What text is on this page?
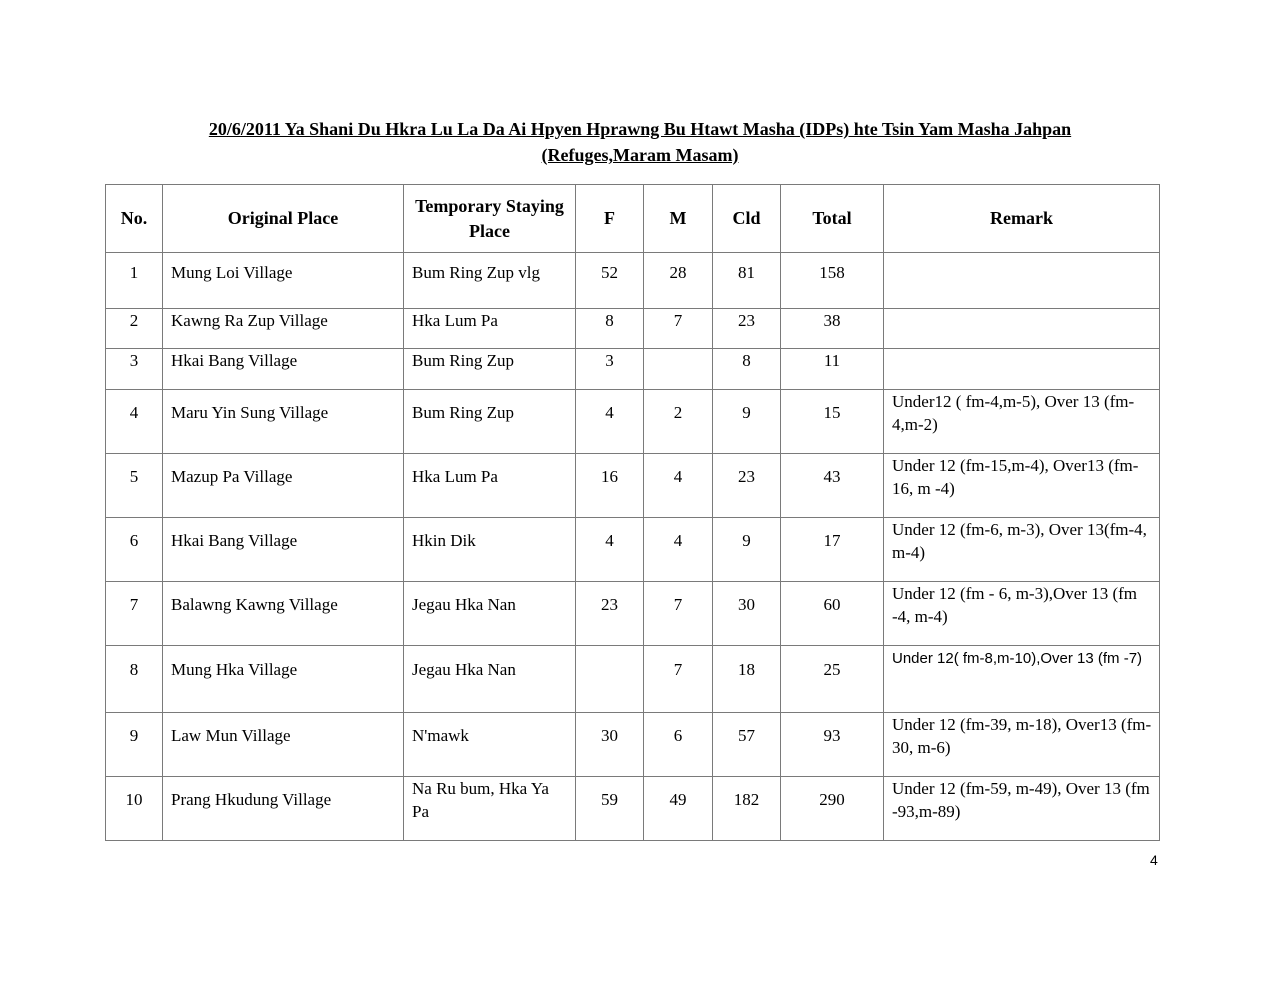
20/6/2011 Ya Shani Du Hkra Lu La Da Ai Hpyen Hprawng Bu Htawt Masha (IDPs) hte Tsin Yam Masha Jahpan (Refuges,Maram Masam)
No.	Original Place	Temporary Staying Place	F	M	Cld	Total	Remark

1	Mung Loi Village	Bum Ring Zup vlg	52	28	81	158	

2	Kawng Ra Zup Village	Hka Lum Pa	8	7	23	38	

3	Hkai Bang Village	Bum Ring Zup	3		8	11	

4	Maru Yin Sung Village	Bum Ring Zup	4	2	9	15	Under12 ( fm-4,m-5), Over 13 (fm-4,m-2)

5	Mazup Pa Village	Hka Lum Pa	16	4	23	43	Under 12 (fm-15,m-4), Over13 (fm-16, m -4)

6	Hkai Bang Village	Hkin Dik	4	4	9	17	Under 12 (fm-6, m-3), Over 13(fm-4, m-4)

7	Balawng Kawng Village	Jegau Hka Nan	23	7	30	60	Under 12 (fm - 6, m-3),Over 13 (fm -4, m-4)

8	Mung Hka Village	Jegau Hka Nan		7	18	25	Under 12( fm-8,m-10),Over 13 (fm -7)

9	Law Mun Village	N'mawk	30	6	57	93	Under 12 (fm-39, m-18), Over13 (fm-30, m-6)

10	Prang Hkudung Village	Na Ru bum, Hka Ya Pa	59	49	182	290	Under 12 (fm-59, m-49), Over 13 (fm -93,m-89)
4
